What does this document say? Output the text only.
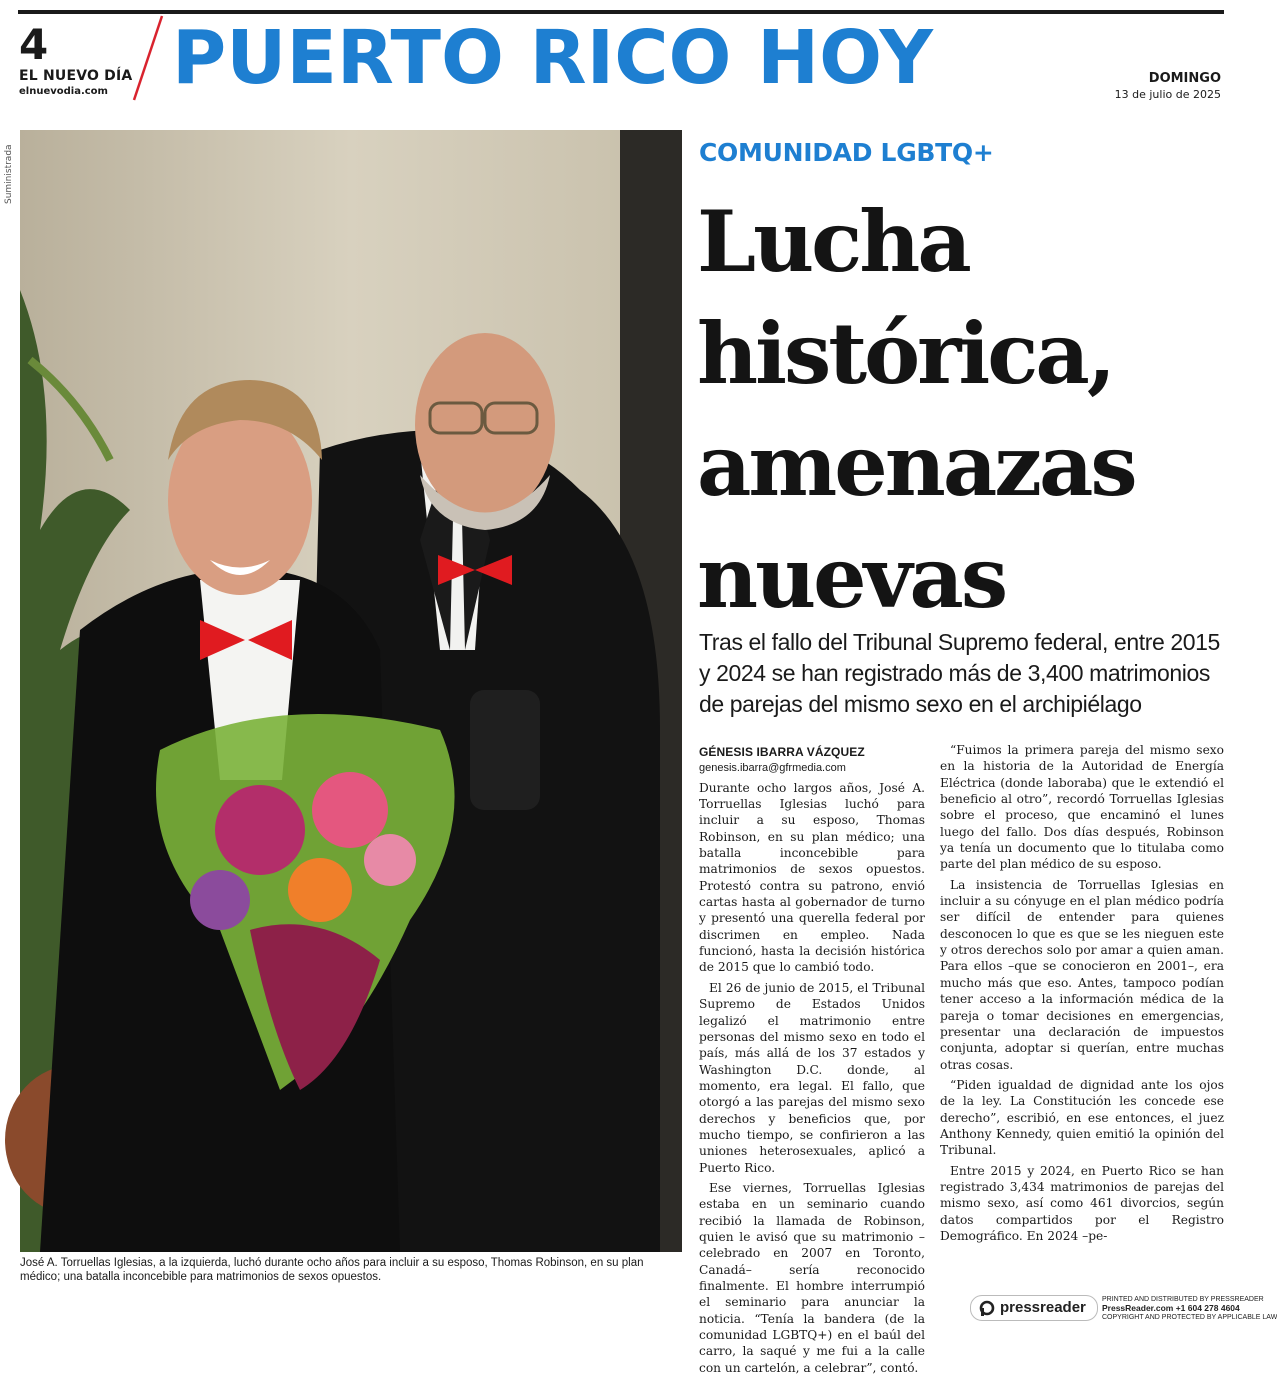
4
EL NUEVO DÍA
elnuevodia.com PUERTO RICO HOY	DOMINGO
13 de julio de 2025
Suministrada
José A. Torruellas Iglesias, a la izquierda, luchó durante ocho años para incluir a su esposo, Thomas Robinson, en su plan médico; una batalla inconcebible para matrimonios de sexos opuestos.
COMUNIDAD LGBTQ+
Lucha
histórica,
amenazas
nuevas
Tras el fallo del Tribunal Supremo federal, entre 2015 y 2024 se han registrado más de 3,400 matrimonios de parejas del mismo sexo en el archipiélago
GÉNESIS IBARRA VÁZQUEZ
genesis.ibarra@gfrmedia.com

Durante ocho largos años, José A. Torruellas Iglesias luchó para incluir a su esposo, Thomas Robinson, en su plan médico; una batalla inconcebible para matrimonios de sexos opuestos. Protestó contra su patrono, envió cartas hasta al gobernador de turno y presentó una querella federal por discrimen en empleo. Nada funcionó, hasta la decisión histórica de 2015 que lo cambió todo.

El 26 de junio de 2015, el Tribunal Supremo de Estados Unidos legalizó el matrimonio entre personas del mismo sexo en todo el país, más allá de los 37 estados y Washington D.C. donde, al momento, era legal. El fallo, que otorgó a las parejas del mismo sexo derechos y beneficios que, por mucho tiempo, se confirieron a las uniones heterosexuales, aplicó a Puerto Rico.

Ese viernes, Torruellas Iglesias estaba en un seminario cuando recibió la llamada de Robinson, quien le avisó que su matrimonio –celebrado en 2007 en Toronto, Canadá– sería reconocido finalmente. El hombre interrumpió el seminario para anunciar la noticia. “Tenía la bandera (de la comunidad LGBTQ+) en el baúl del carro, la saqué y me fui a la calle con un cartelón, a celebrar”, contó.

“Fuimos la primera pareja del mismo sexo en la historia de la Autoridad de Energía Eléctrica (donde laboraba) que le extendió el beneficio al otro”, recordó Torruellas Iglesias sobre el proceso, que encaminó el lunes luego del fallo. Dos días después, Robinson ya tenía un documento que lo titulaba como parte del plan médico de su esposo.

La insistencia de Torruellas Iglesias en incluir a su cónyuge en el plan médico podría ser difícil de entender para quienes desconocen lo que es que se les nieguen este y otros derechos solo por amar a quien aman. Para ellos –que se conocieron en 2001–, era mucho más que eso. Antes, tampoco podían tener acceso a la información médica de la pareja o tomar decisiones en emergencias, presentar una declaración de impuestos conjunta, adoptar si querían, entre muchas otras cosas.

“Piden igualdad de dignidad ante los ojos de la ley. La Constitución les concede ese derecho”, escribió, en ese entonces, el juez Anthony Kennedy, quien emitió la opinión del Tribunal.

Entre 2015 y 2024, en Puerto Rico se han registrado 3,434 matrimonios de parejas del mismo sexo, así como 461 divorcios, según datos compartidos por el Registro Demográfico. En 2024 –pe-

pressreader PRINTED AND DISTRIBUTED BY PRESSREADER
PressReader.com +1 604 278 4604
COPYRIGHT AND PROTECTED BY APPLICABLE LAW
